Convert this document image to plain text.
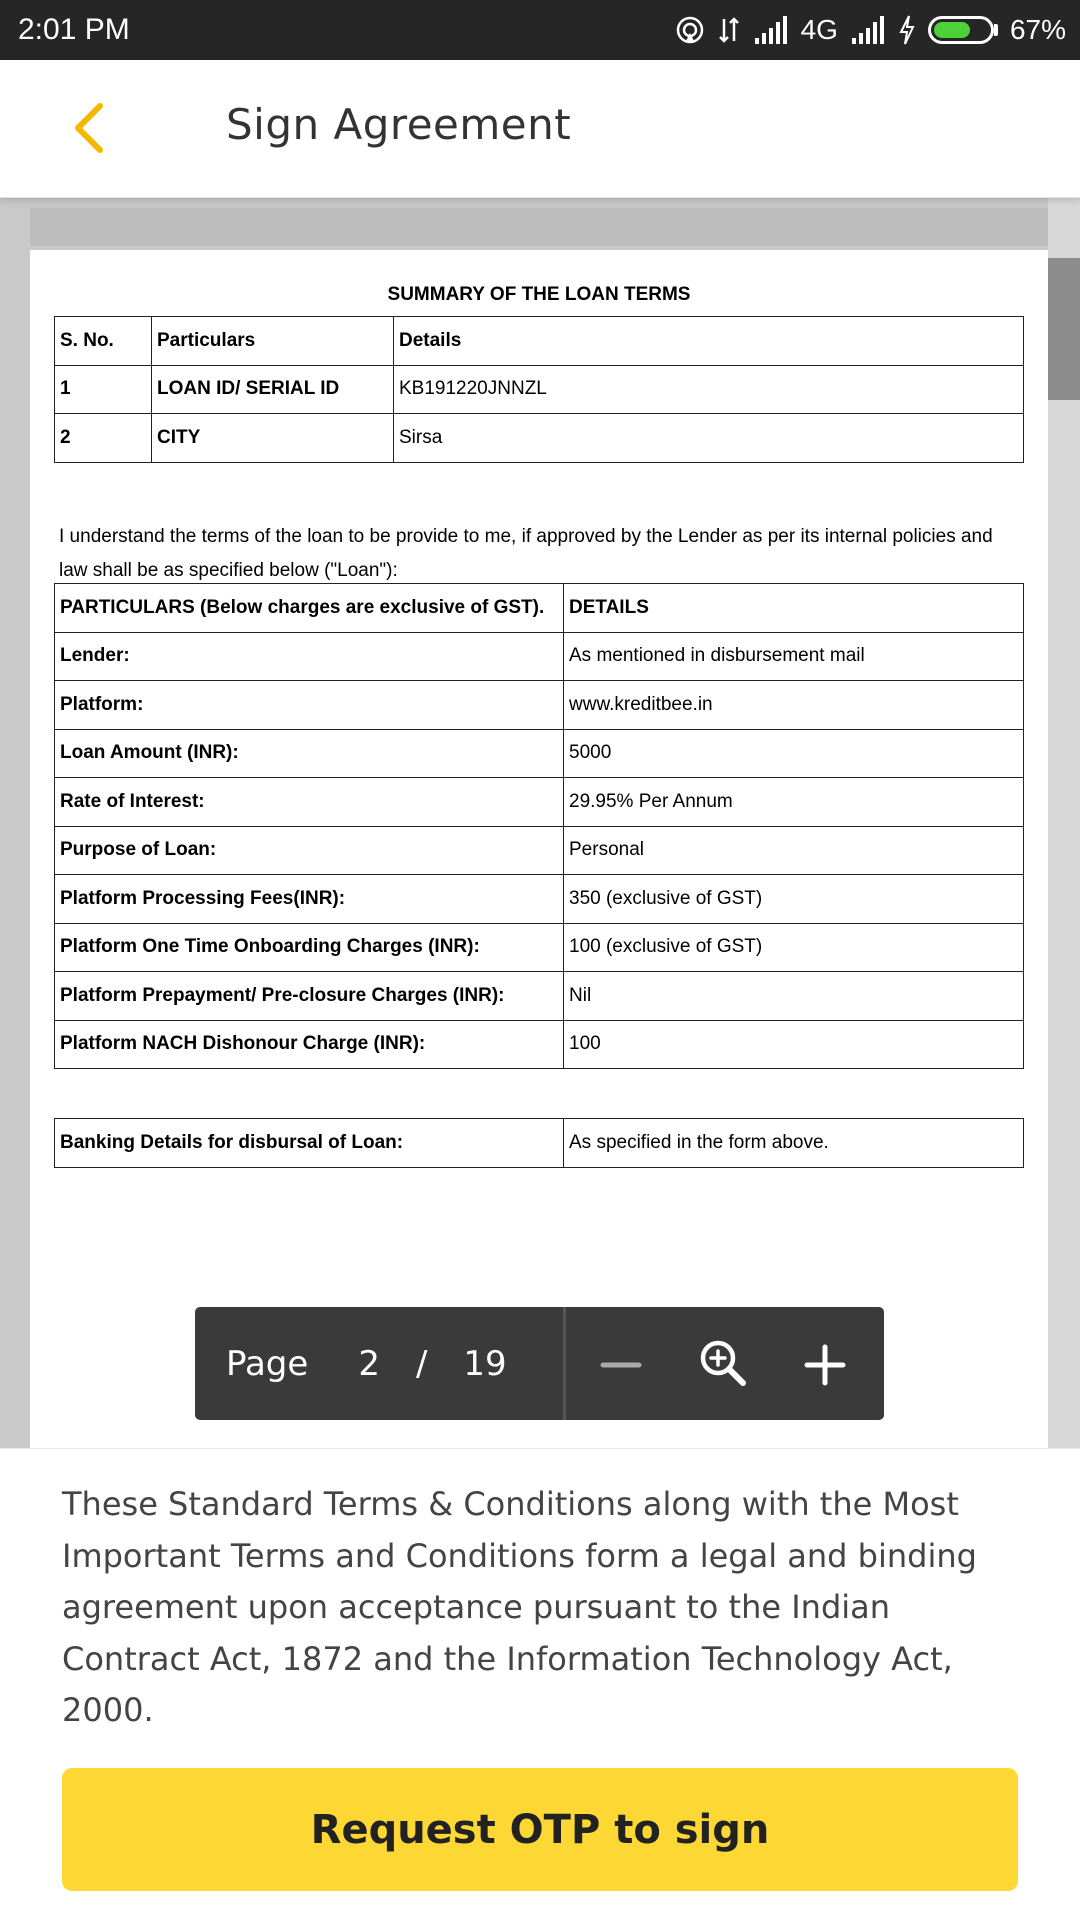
2:01 PM	4G	67%
Sign Agreement
SUMMARY OF THE LOAN TERMS
S. No.	Particulars	Details
1	LOAN ID/ SERIAL ID	KB191220JNNZL
2	CITY	Sirsa
I understand the terms of the loan to be provide to me, if approved by the Lender as per its internal policies and law shall be as specified below ("Loan"):
PARTICULARS (Below charges are exclusive of GST).	DETAILS
Lender:	As mentioned in disbursement mail
Platform:	www.kreditbee.in
Loan Amount (INR):	5000
Rate of Interest:	29.95% Per Annum
Purpose of Loan:	Personal
Platform Processing Fees(INR):	350 (exclusive of GST)
Platform One Time Onboarding Charges (INR):	100 (exclusive of GST)
Platform Prepayment/ Pre-closure Charges (INR):	Nil
Platform NACH Dishonour Charge (INR):	100
Banking Details for disbursal of Loan:	As specified in the form above.
Page 2 / 19
These Standard Terms & Conditions along with the Most Important Terms and Conditions form a legal and binding agreement upon acceptance pursuant to the Indian Contract Act, 1872 and the Information Technology Act, 2000.
Request OTP to sign
